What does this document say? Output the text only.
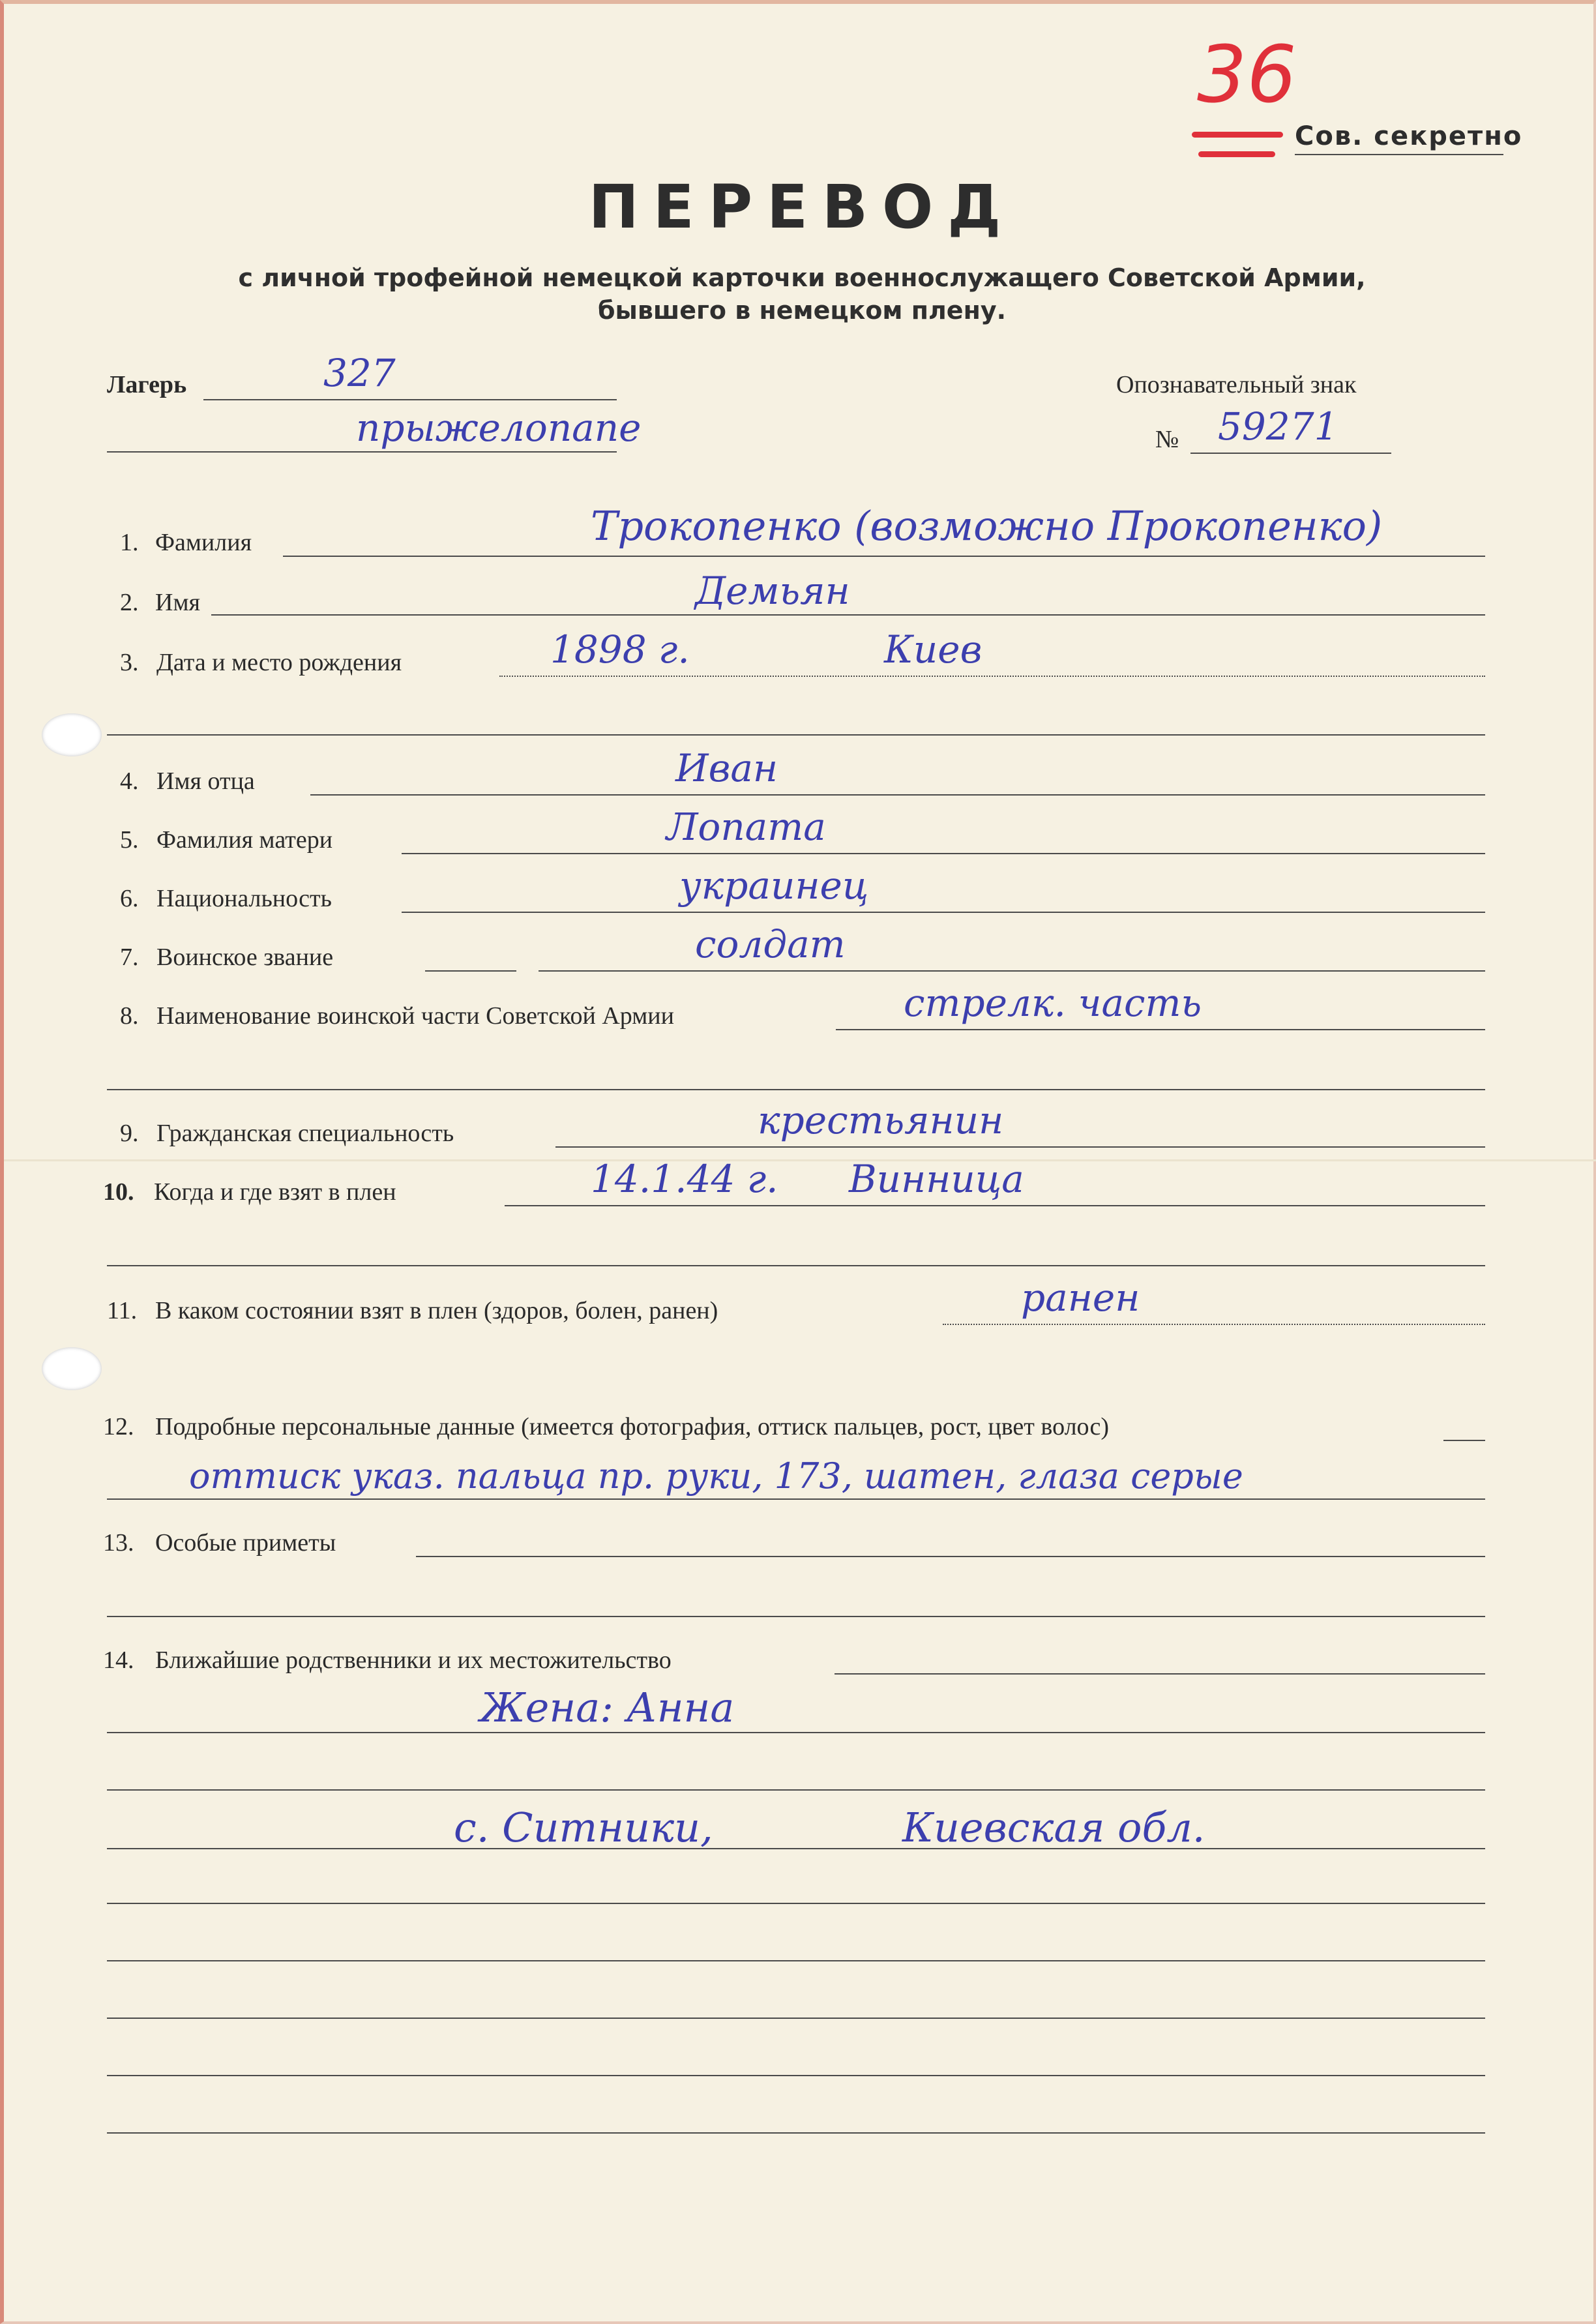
36
Сов. секретно
ПЕРЕВОД
с личной трофейной немецкой карточки военнослужащего Советской Армии,
бывшего в немецком плену.
Лагерь	327
прыжелопапе
Опознавательный знак
№ 59271
1. Фамилия	Трокопенко (возможно Прокопенко)
2. Имя	Демьян
3. Дата и место рождения	1898 г.	Киев
4. Имя отца	Иван
5. Фамилия матери	Лопата
6. Национальность	украинец
7. Воинское звание	солдат
8. Наименование воинской части Советской Армии	стрелк. часть
9. Гражданская специальность	крестьянин
10. Когда и где взят в плен	14.1.44 г. Винница
11. В каком состоянии взят в плен (здоров, болен, ранен)	ранен
12. Подробные персональные данные (имеется фотография, оттиск пальцев, рост, цвет волос)
оттиск указ. пальца пр. руки, 173, шатен, глаза серые
13. Особые приметы
14. Ближайшие родственники и их местожительство
Жена: Анна
с. Ситники,	Киевская обл.
